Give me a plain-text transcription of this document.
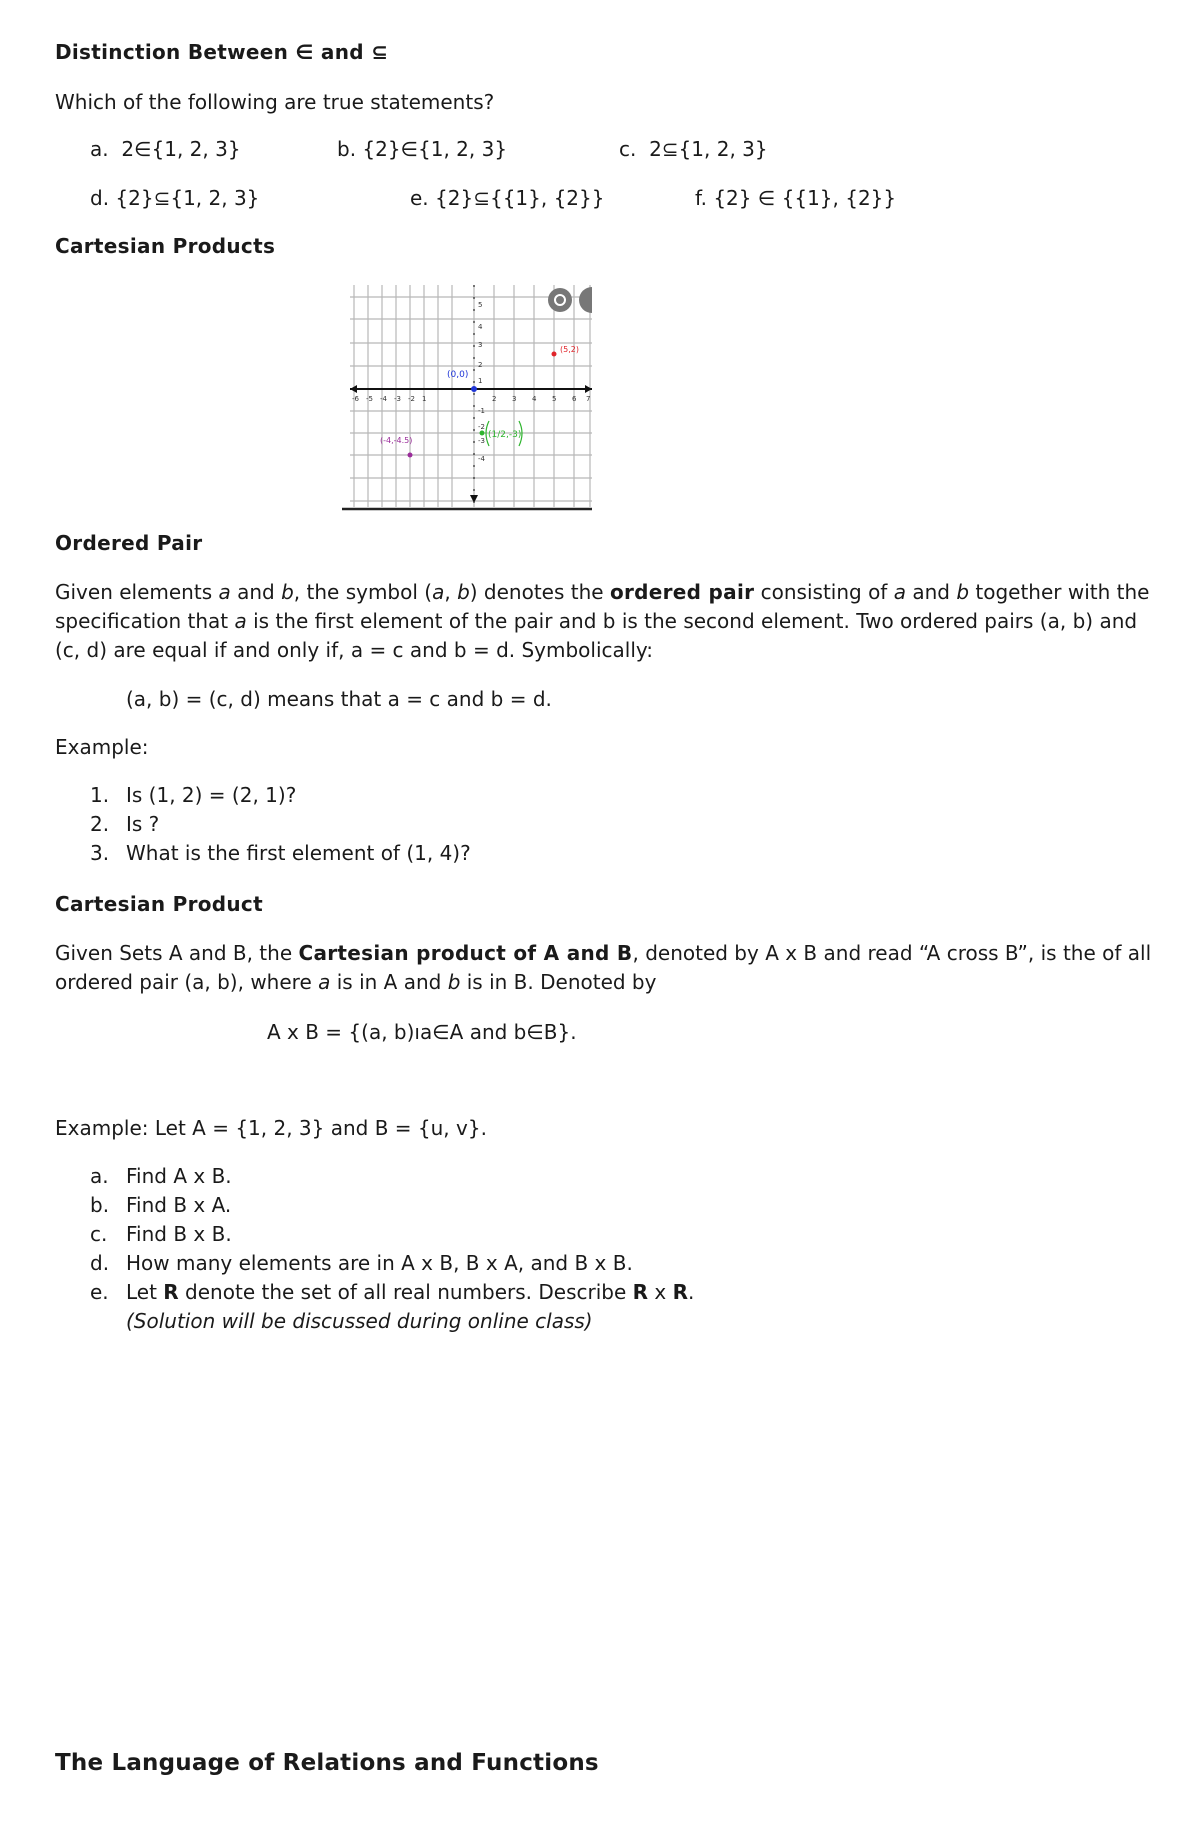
Distinction Between ∈ and ⊆

Which of the following are true statements?

a. 2∈{1, 2, 3}	b. {2}∈{1, 2, 3}	c. 2⊆{1, 2, 3}
d. {2}⊆{1, 2, 3}	e. {2}⊆{{1}, {2}}	f. {2} ∈ {{1}, {2}}
Cartesian Products
-6 -5 -4 -3 -2 1	2 3 4 5 6 7
5
4
3
2
1
-1
-2
-3
-4
(0,0)
(5,2)
(-4,-4.5)
(1/2,-3)
Ordered Pair

Given elements a and b, the symbol (a, b) denotes the ordered pair consisting of a and b together with the specification that a is the first element of the pair and b is the second element. Two ordered pairs (a, b) and (c, d) are equal if and only if, a = c and b = d. Symbolically:

(a, b) = (c, d) means that a = c and b = d.

Example:

1. Is (1, 2) = (2, 1)?
2. Is ?
3. What is the first element of (1, 4)?
Cartesian Product

Given Sets A and B, the Cartesian product of A and B, denoted by A x B and read “A cross B”, is the of all ordered pair (a, b), where a is in A and b is in B. Denoted by

A x B = {(a, b)ıa∈A and b∈B}.

Example: Let A = {1, 2, 3} and B = {u, v}.

a. Find A x B.
b. Find B x A.
c. Find B x B.
d. How many elements are in A x B, B x A, and B x B.
e. Let R denote the set of all real numbers. Describe R x R.
(Solution will be discussed during online class)
The Language of Relations and Functions
